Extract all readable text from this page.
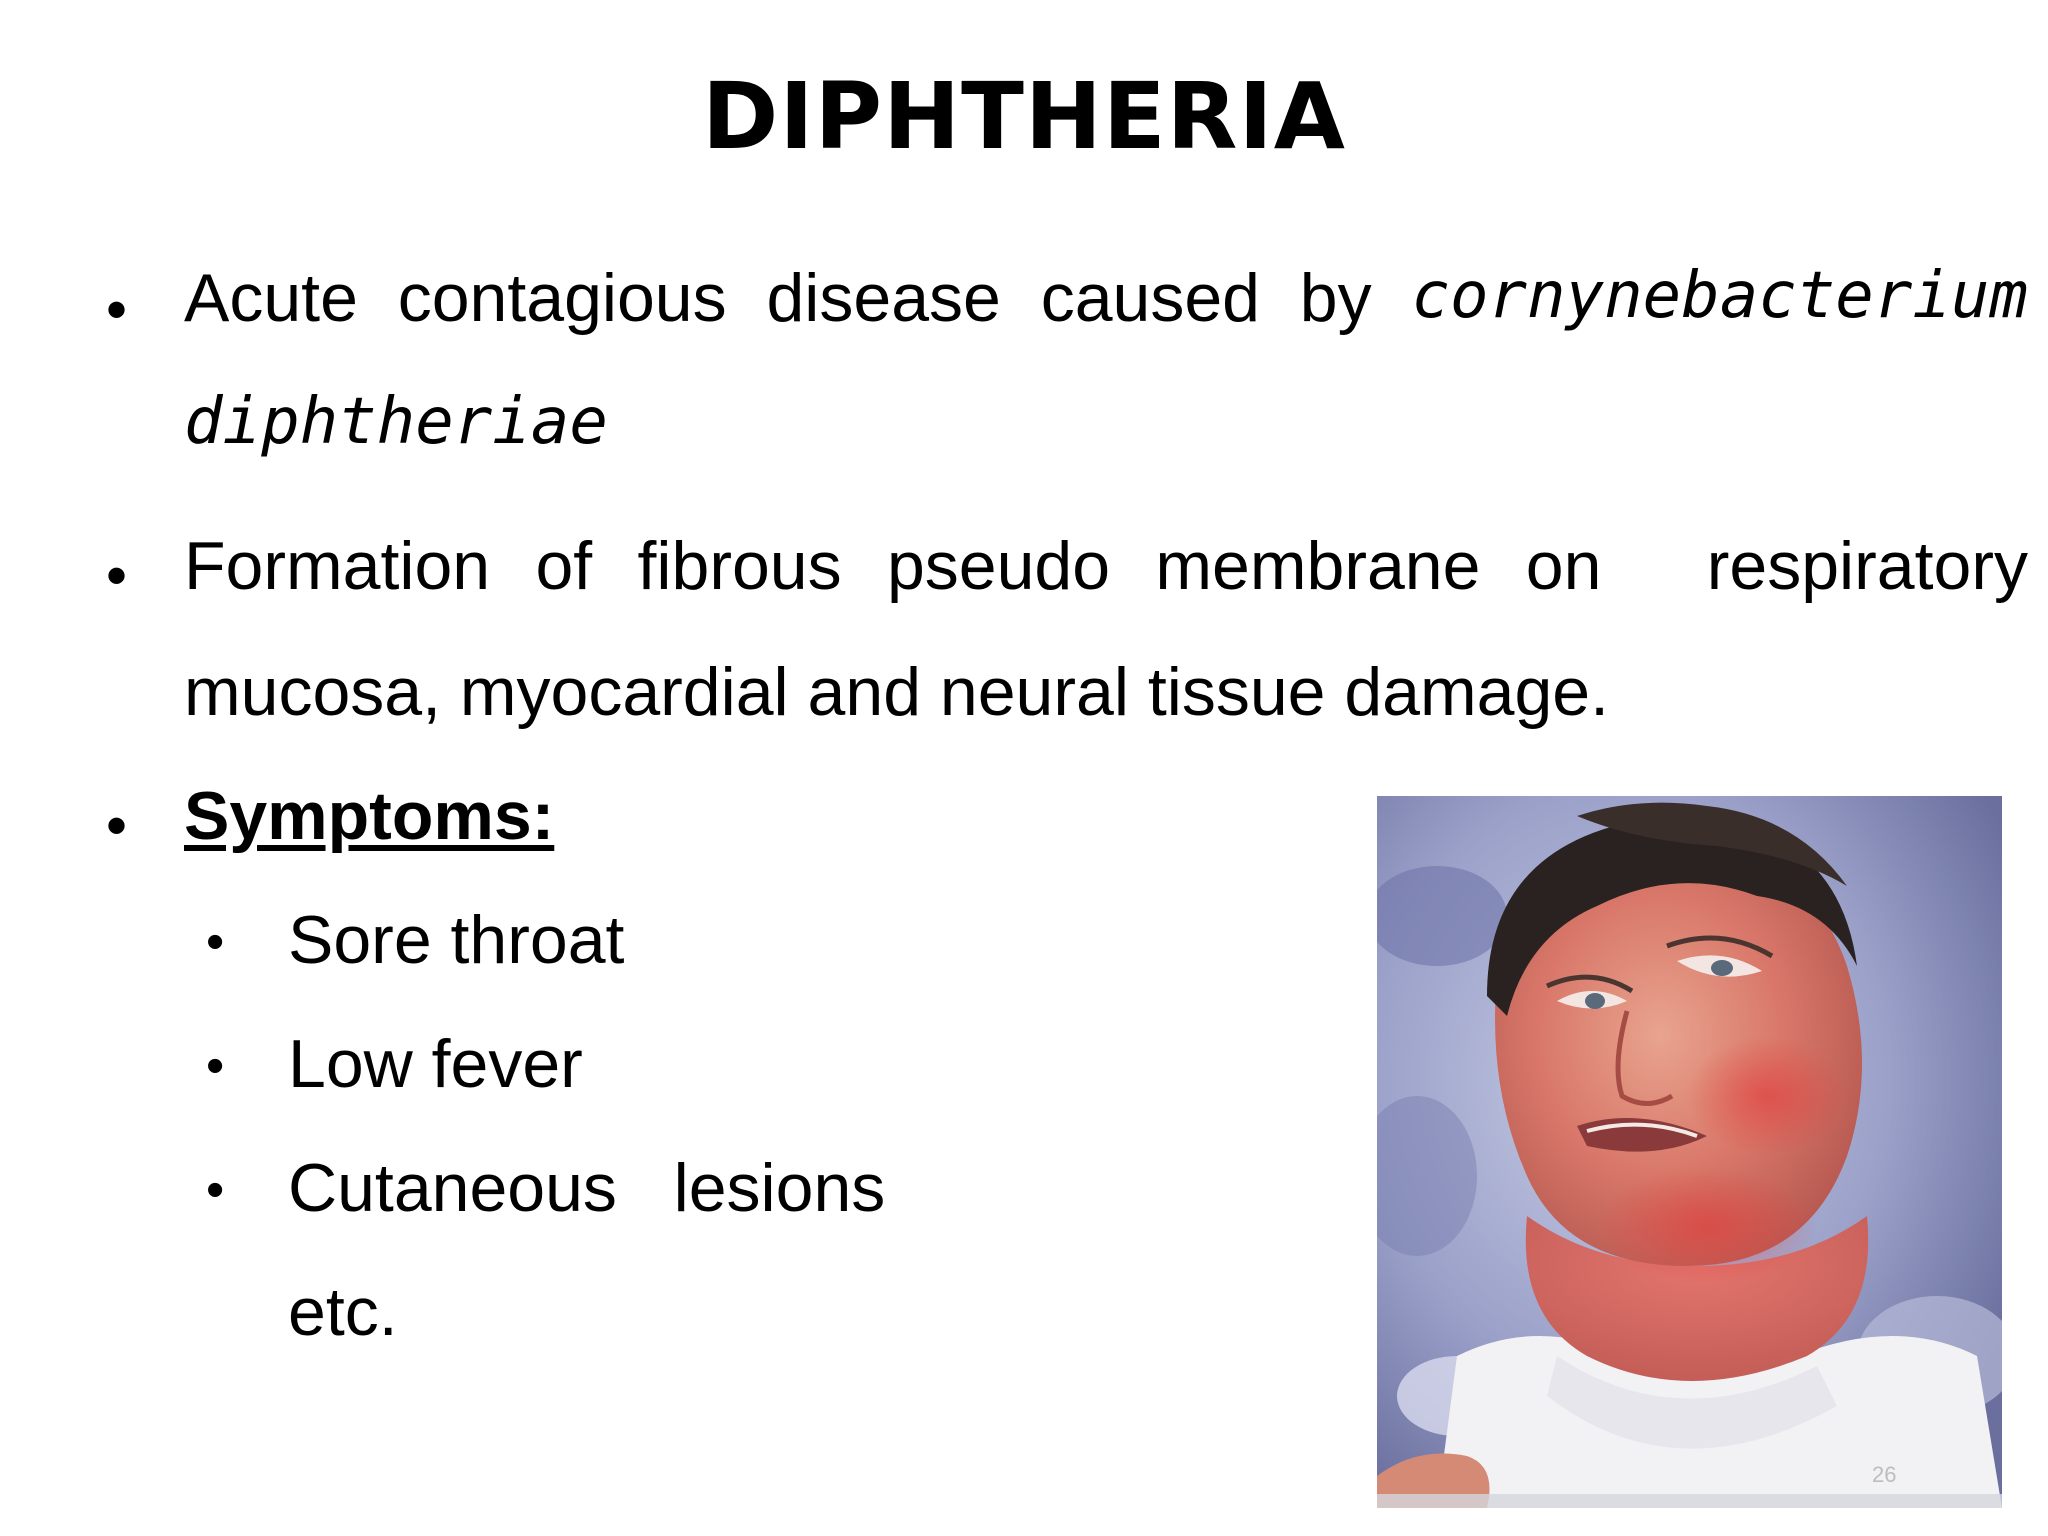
DIPHTHERIA
• Acute contagious disease caused by cornynebacterium
diphtheriae
• Formation of fibrous pseudo membrane on respiratory
mucosa, myocardial and neural tissue damage.
• Symptoms:
• Sore throat
• Low fever
• Cutaneous   lesions
etc.
26
